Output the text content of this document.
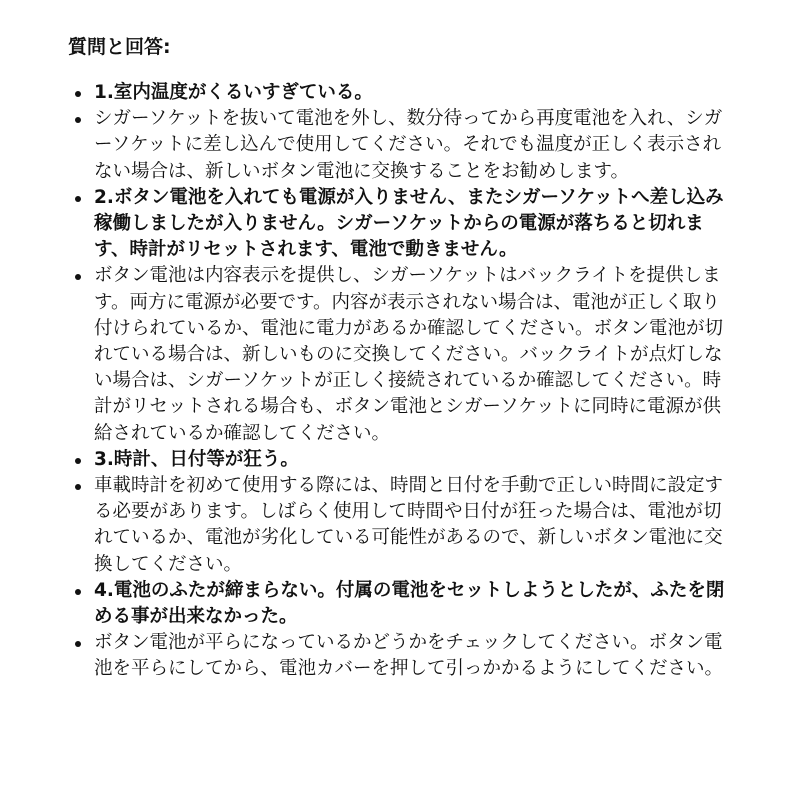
質問と回答:
1.室内温度がくるいすぎている。
シガーソケットを抜いて電池を外し、数分待ってから再度電池を入れ、シガーソケットに差し込んで使用してください。それでも温度が正しく表示されない場合は、新しいボタン電池に交換することをお勧めします。
2.ボタン電池を入れても電源が入りません、またシガーソケットへ差し込み稼働しましたが入りません。シガーソケットからの電源が落ちると切れます、時計がリセットされます、電池で動きません。
ボタン電池は内容表示を提供し、シガーソケットはバックライトを提供します。両方に電源が必要です。内容が表示されない場合は、電池が正しく取り付けられているか、電池に電力があるか確認してください。ボタン電池が切れている場合は、新しいものに交換してください。バックライトが点灯しない場合は、シガーソケットが正しく接続されているか確認してください。時計がリセットされる場合も、ボタン電池とシガーソケットに同時に電源が供給されているか確認してください。
3.時計、日付等が狂う。
車載時計を初めて使用する際には、時間と日付を手動で正しい時間に設定する必要があります。しばらく使用して時間や日付が狂った場合は、電池が切れているか、電池が劣化している可能性があるので、新しいボタン電池に交換してください。
4.電池のふたが締まらない。付属の電池をセットしようとしたが、ふたを閉める事が出来なかった。
ボタン電池が平らになっているかどうかをチェックしてください。ボタン電池を平らにしてから、電池カバーを押して引っかかるようにしてください。
